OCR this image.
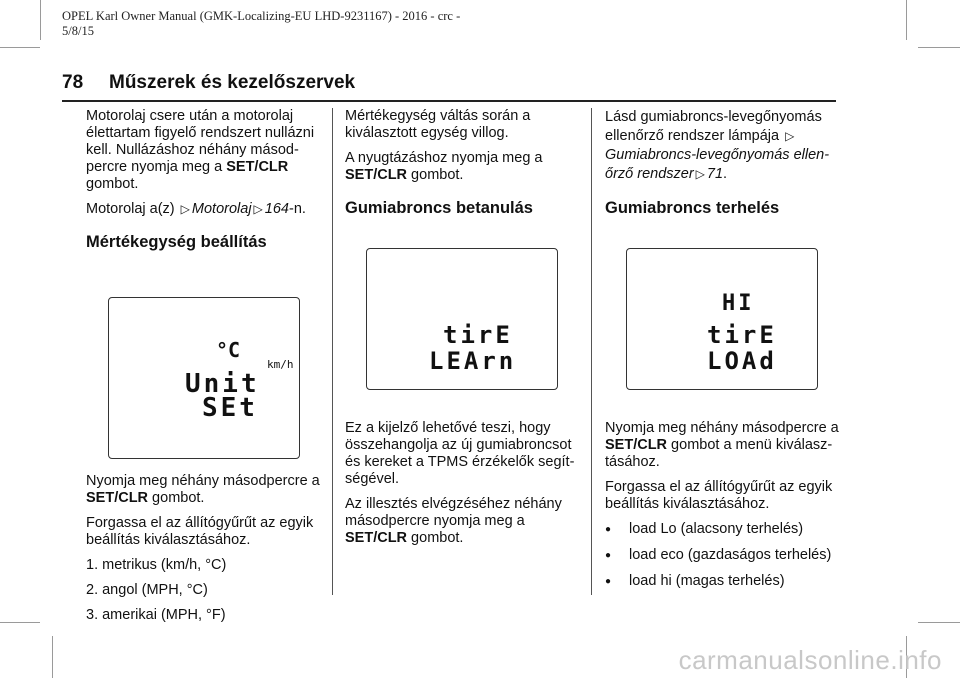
OPEL Karl Owner Manual (GMK-Localizing-EU LHD-9231167) - 2016 - crc -
5/8/15
78 Műszerek és kezelőszervek

Motorolaj csere után a motorolaj élettartam figyelő rendszert nullázni kell. Nullázáshoz néhány másod-percre nyomja meg a SET/CLR gombot.

Motorolaj a(z) ▷ Motorolaj ▷ 164-n.

Mértékegység beállítás
°C
km/h
Unit
SEt

Nyomja meg néhány másodpercre a SET/CLR gombot.

Forgassa el az állítógyűrűt az egyik beállítás kiválasztásához.

1. metrikus (km/h, °C)

2. angol (MPH, °C)

3. amerikai (MPH, °F)

Mértékegység váltás során a kiválasztott egység villog.

A nyugtázáshoz nyomja meg a SET/CLR gombot.

Gumiabroncs betanulás
tirE
LEArn

Ez a kijelző lehetővé teszi, hogy összehangolja az új gumiabroncsot és kereket a TPMS érzékelők segít-ségével.

Az illesztés elvégzéséhez néhány másodpercre nyomja meg a SET/CLR gombot.

Lásd gumiabroncs-levegőnyomás ellenőrző rendszer lámpája ▷
Gumiabroncs-levegőnyomás ellen-őrző rendszer ▷ 71.

Gumiabroncs terhelés
HI
tirE
LOAd

Nyomja meg néhány másodpercre a SET/CLR gombot a menü kiválasz-tásához.

Forgassa el az állítógyűrűt az egyik beállítás kiválasztásához.

● load Lo (alacsony terhelés)
● load eco (gazdaságos terhelés)
● load hi (magas terhelés)
carmanualsonline.info
